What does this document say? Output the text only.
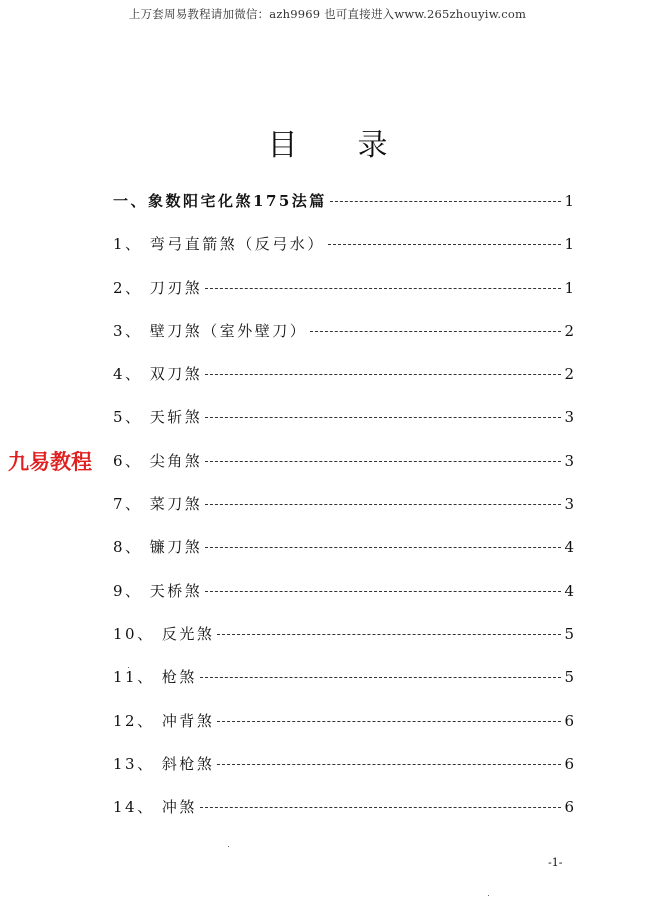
上万套周易教程请加微信：azh9969 也可直接进入www.265zhouyiw.com
目录
一、象数阳宅化煞175法篇	1
1、 弯弓直箭煞（反弓水）	1
2、 刀刃煞	1
3、 壁刀煞（室外壁刀）	2
4、 双刀煞	2
5、 天斩煞	3
6、 尖角煞	3
7、 菜刀煞	3
8、 镰刀煞	4
9、 天桥煞	4
10、 反光煞	5
11、 枪煞	5
12、 冲背煞	6
13、 斜枪煞	6
14、 冲煞	6
九易教程
-1-
